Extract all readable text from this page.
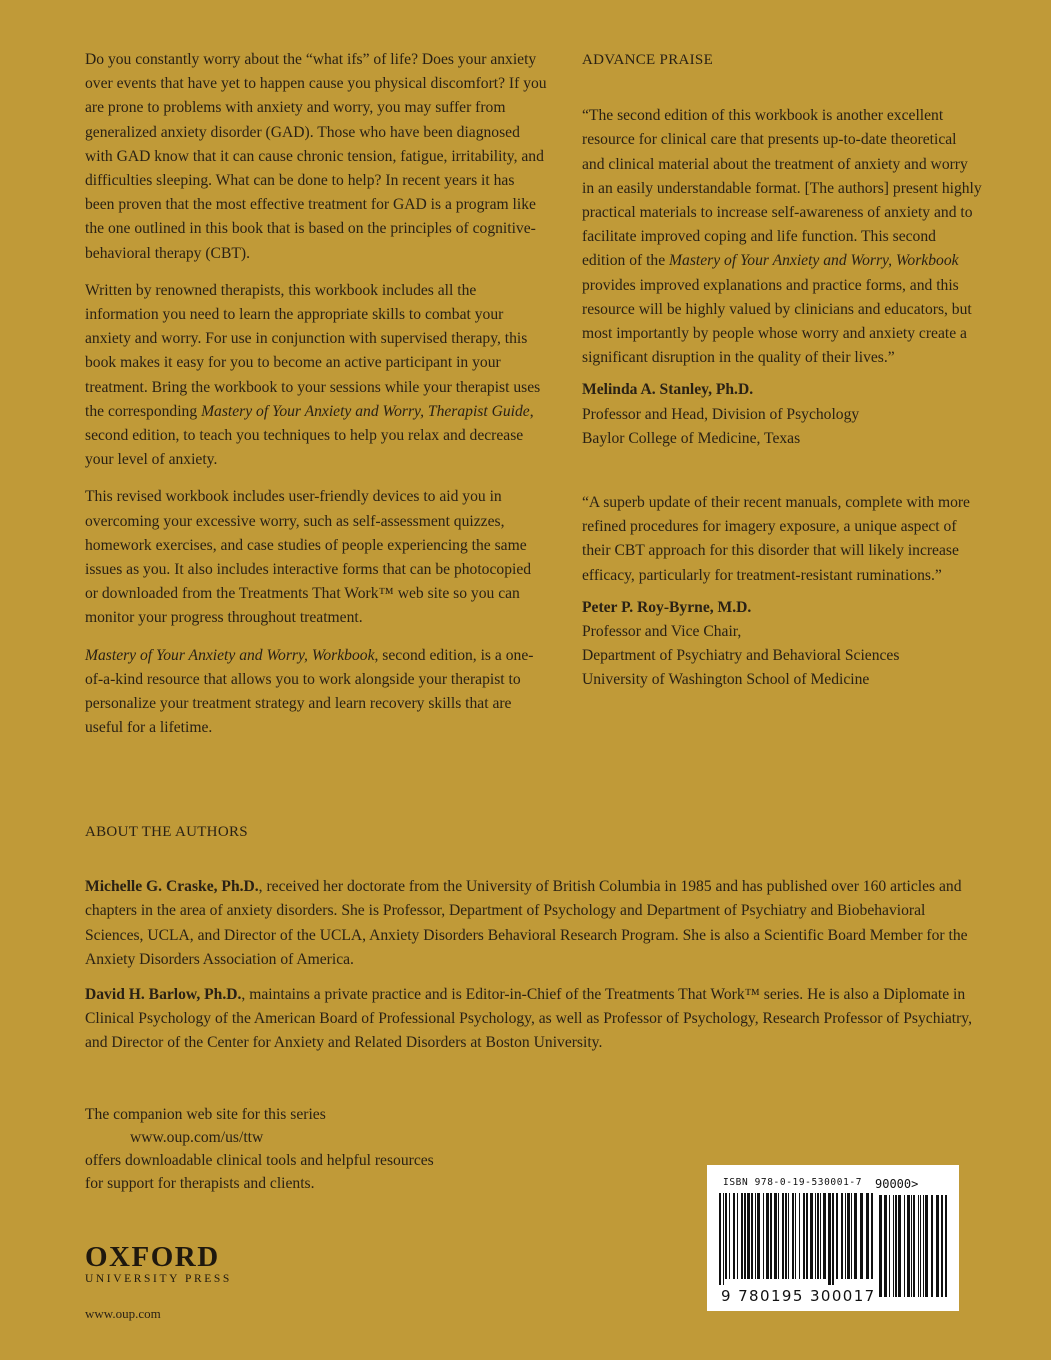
Do you constantly worry about the “what ifs” of life? Does your anxiety over events that have yet to happen cause you physical discomfort? If you are prone to problems with anxiety and worry, you may suffer from generalized anxiety disorder (GAD). Those who have been diagnosed with GAD know that it can cause chronic tension, fatigue, irritability, and difficulties sleeping. What can be done to help? In recent years it has been proven that the most effective treatment for GAD is a program like the one outlined in this book that is based on the principles of cognitive-behavioral therapy (CBT).

Written by renowned therapists, this workbook includes all the information you need to learn the appropriate skills to combat your anxiety and worry. For use in conjunction with supervised therapy, this book makes it easy for you to become an active participant in your treatment. Bring the workbook to your sessions while your therapist uses the corresponding Mastery of Your Anxiety and Worry, Therapist Guide, second edition, to teach you techniques to help you relax and decrease your level of anxiety.

This revised workbook includes user-friendly devices to aid you in overcoming your excessive worry, such as self-assessment quizzes, homework exercises, and case studies of people experiencing the same issues as you. It also includes interactive forms that can be photocopied or downloaded from the Treatments That Work™ web site so you can monitor your progress throughout treatment.

Mastery of Your Anxiety and Worry, Workbook, second edition, is a one-of-a-kind resource that allows you to work alongside your therapist to personalize your treatment strategy and learn recovery skills that are useful for a lifetime.

ADVANCE PRAISE

“The second edition of this workbook is another excellent resource for clinical care that presents up-to-date theoretical and clinical material about the treatment of anxiety and worry in an easily understandable format. [The authors] present highly practical materials to increase self-awareness of anxiety and to facilitate improved coping and life function. This second edition of the Mastery of Your Anxiety and Worry, Workbook provides improved explanations and practice forms, and this resource will be highly valued by clinicians and educators, but most importantly by people whose worry and anxiety create a significant disruption in the quality of their lives.”

Melinda A. Stanley, Ph.D.
Professor and Head, Division of Psychology
Baylor College of Medicine, Texas

“A superb update of their recent manuals, complete with more refined procedures for imagery exposure, a unique aspect of their CBT approach for this disorder that will likely increase efficacy, particularly for treatment-resistant ruminations.”

Peter P. Roy-Byrne, M.D.
Professor and Vice Chair,
Department of Psychiatry and Behavioral Sciences
University of Washington School of Medicine

ABOUT THE AUTHORS

Michelle G. Craske, Ph.D., received her doctorate from the University of British Columbia in 1985 and has published over 160 articles and chapters in the area of anxiety disorders. She is Professor, Department of Psychology and Department of Psychiatry and Biobehavioral Sciences, UCLA, and Director of the UCLA, Anxiety Disorders Behavioral Research Program. She is also a Scientific Board Member for the Anxiety Disorders Association of America.

David H. Barlow, Ph.D., maintains a private practice and is Editor-in-Chief of the Treatments That Work™ series. He is also a Diplomate in Clinical Psychology of the American Board of Professional Psychology, as well as Professor of Psychology, Research Professor of Psychiatry, and Director of the Center for Anxiety and Related Disorders at Boston University.

The companion web site for this series
www.oup.com/us/ttw
offers downloadable clinical tools and helpful resources
for support for therapists and clients.
OXFORD
UNIVERSITY PRESS
www.oup.com
ISBN 978-0-19-530001-7 90000>
9 780195 300017
